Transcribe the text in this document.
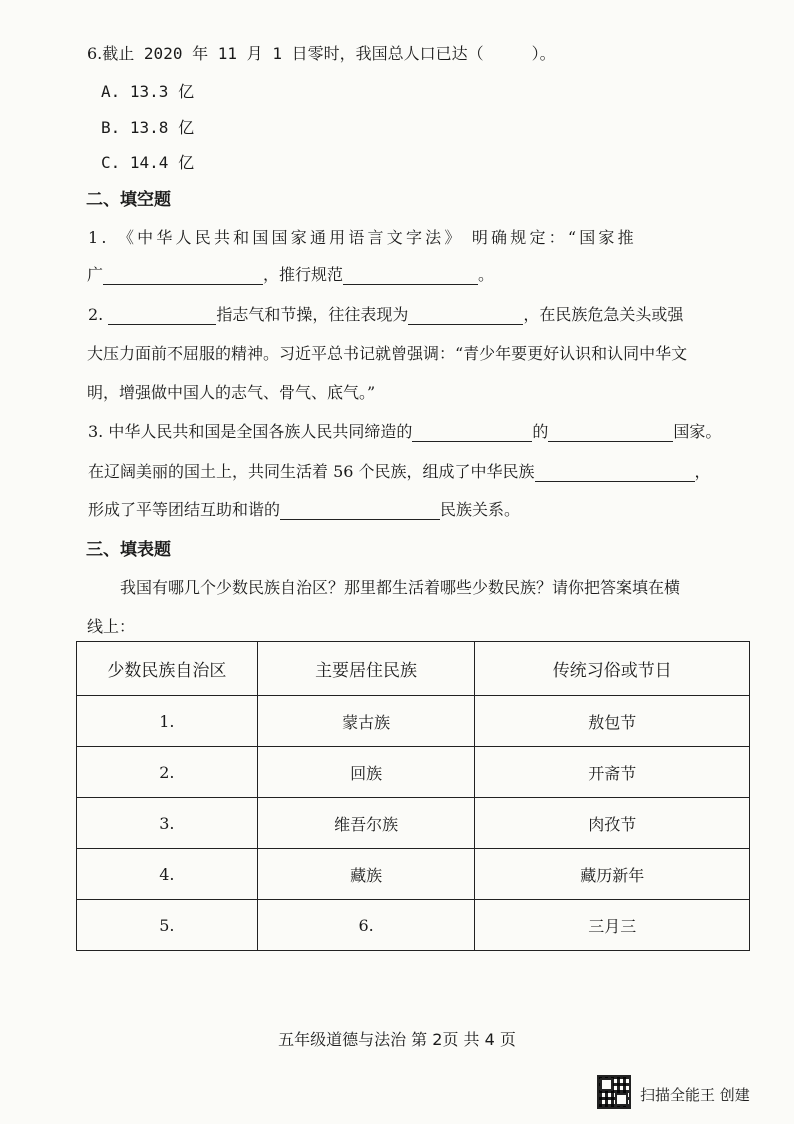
6.截止 2020 年 11 月 1 日零时，我国总人口已达（	）。
A. 13.3 亿
B. 13.8 亿
C. 14.4 亿
二、填空题
1. 《中华人民共和国国家通用语言文字法》 明确规定：“国家推
广	，推行规范	。
2.	指志气和节操，往往表现为	，在民族危急关头或强
大压力面前不屈服的精神。习近平总书记就曾强调：“青少年要更好认识和认同中华文
明，增强做中国人的志气、骨气、底气。”
3. 中华人民共和国是全国各族人民共同缔造的	的	国家。
在辽阔美丽的国土上，共同生活着 56 个民族，组成了中华民族	，
形成了平等团结互助和谐的	民族关系。
三、填表题
我国有哪几个少数民族自治区？那里都生活着哪些少数民族？请你把答案填在横
线上：
少数民族自治区	主要居住民族	传统习俗或节日
1.	蒙古族	敖包节
2.	回族	开斋节
3.	维吾尔族	肉孜节
4.	藏族	藏历新年
5.	6.	三月三
五年级道德与法治 第 2页 共 4 页
扫描全能王 创建
